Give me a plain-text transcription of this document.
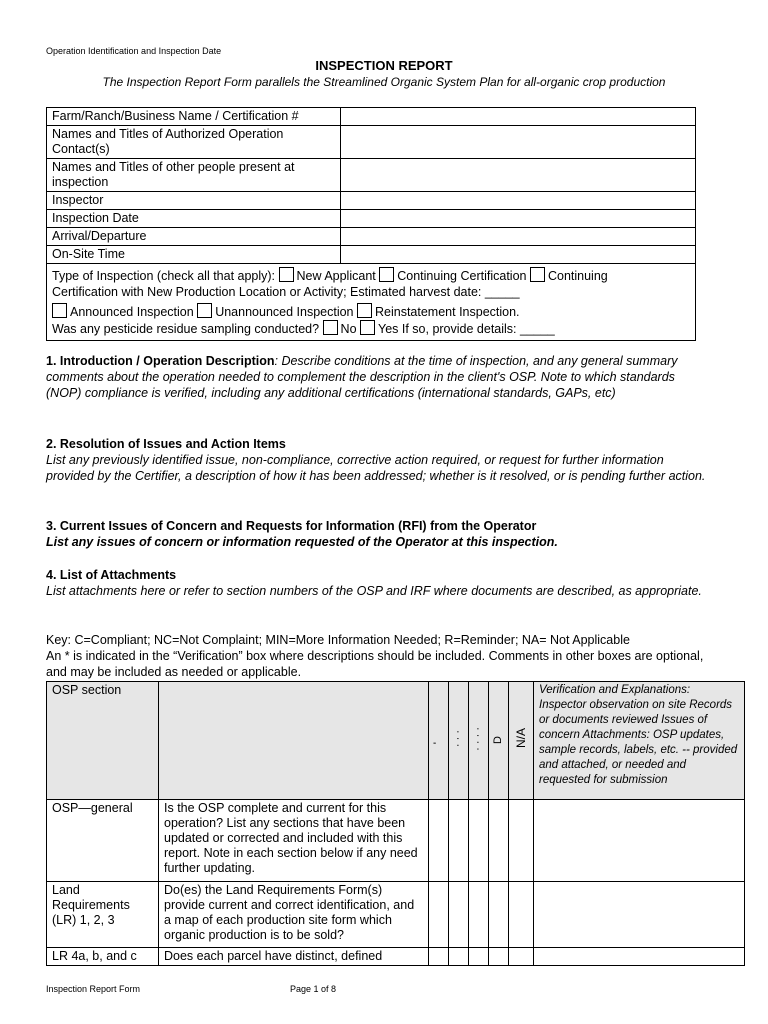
Operation Identification and Inspection Date
INSPECTION REPORT
The Inspection Report Form parallels the Streamlined Organic System Plan for all-organic crop production
Farm/Ranch/Business Name / Certification #	
Names and Titles of Authorized Operation Contact(s)	
Names and Titles of other people present at inspection	
Inspector	
Inspection Date	
Arrival/Departure	
On-Site Time	
Type of Inspection (check all that apply): New Applicant Continuing Certification Continuing
Certification with New Production Location or Activity; Estimated harvest date: _____
Announced Inspection Unannounced Inspection Reinstatement Inspection.
Was any pesticide residue sampling conducted? No Yes If so, provide details: _____	
1. Introduction / Operation Description: Describe conditions at the time of inspection, and any general summary comments about the operation needed to complement the description in the client's OSP. Note to which standards (NOP) compliance is verified, including any additional certifications (international standards, GAPs, etc)
2. Resolution of Issues and Action Items
List any previously identified issue, non-compliance, corrective action required, or request for further information provided by the Certifier, a description of how it has been addressed; whether is it resolved, or is pending further action.
3. Current Issues of Concern and Requests for Information (RFI) from the Operator
List any issues of concern or information requested of the Operator at this inspection.
4. List of Attachments
List attachments here or refer to section numbers of the OSP and IRF where documents are described, as appropriate.
Key: C=Compliant; NC=Not Complaint; MIN=More Information Needed; R=Reminder; NA= Not Applicable
An * is indicated in the “Verification” box where descriptions should be included. Comments in other boxes are optional, and may be included as needed or applicable.
OSP section		'	· · ·	· · · ·	D	N/A	Verification and Explanations: Inspector observation on site Records or documents reviewed Issues of concern Attachments: OSP updates, sample records, labels, etc. -- provided and attached, or needed and requested for submission
OSP—general	Is the OSP complete and current for this operation? List any sections that have been updated or corrected and included with this report. Note in each section below if any need further updating.						
Land Requirements (LR) 1, 2, 3	Do(es) the Land Requirements Form(s) provide current and correct identification, and a map of each production site form which organic production is to be sold?						
LR 4a, b, and c	Does each parcel have distinct, defined						
Inspection Report Form	Page 1 of 8
